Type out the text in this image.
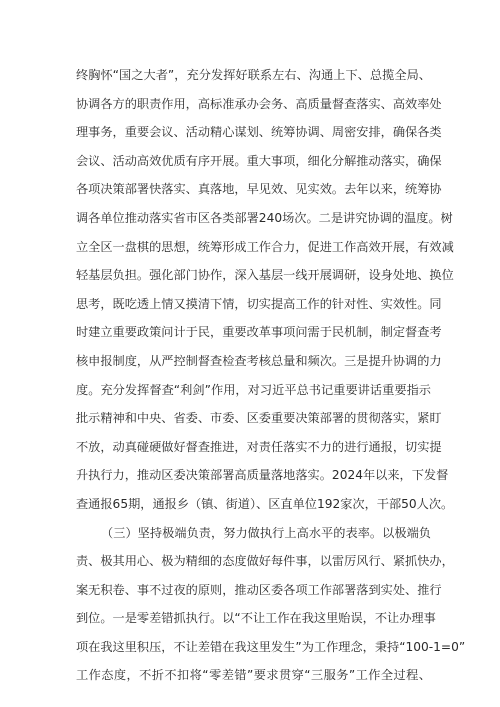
终胸怀“国之大者”，充分发挥好联系左右、沟通上下、总揽全局、
协调各方的职责作用，高标准承办会务、高质量督查落实、高效率处
理事务，重要会议、活动精心谋划、统筹协调、周密安排，确保各类
会议、活动高效优质有序开展。重大事项，细化分解推动落实，确保
各项决策部署快落实、真落地，早见效、见实效。去年以来，统筹协
调各单位推动落实省市区各类部署240场次。二是讲究协调的温度。树
立全区一盘棋的思想，统筹形成工作合力，促进工作高效开展，有效减
轻基层负担。强化部门协作，深入基层一线开展调研，设身处地、换位
思考，既吃透上情又摸清下情，切实提高工作的针对性、实效性。同
时建立重要政策问计于民，重要改革事项问需于民机制，制定督查考
核申报制度，从严控制督查检查考核总量和频次。三是提升协调的力
度。充分发挥督查“利剑”作用，对习近平总书记重要讲话重要指示
批示精神和中央、省委、市委、区委重要决策部署的贯彻落实，紧盯
不放，动真碰硬做好督查推进，对责任落实不力的进行通报，切实提
升执行力，推动区委决策部署高质量落地落实。2024年以来，下发督
查通报65期，通报乡（镇、街道）、区直单位192家次，干部50人次。
（三）坚持极端负责，努力做执行上高水平的表率。以极端负
责、极其用心、极为精细的态度做好每件事，以雷厉风行、紧抓快办，
案无积卷、事不过夜的原则，推动区委各项工作部署落到实处、推行
到位。一是零差错抓执行。以“不让工作在我这里贻误，不让办理事
项在我这里积压，不让差错在我这里发生”为工作理念，秉持“100-1=0”
工作态度，不折不扣将“零差错”要求贯穿“三服务”工作全过程、
